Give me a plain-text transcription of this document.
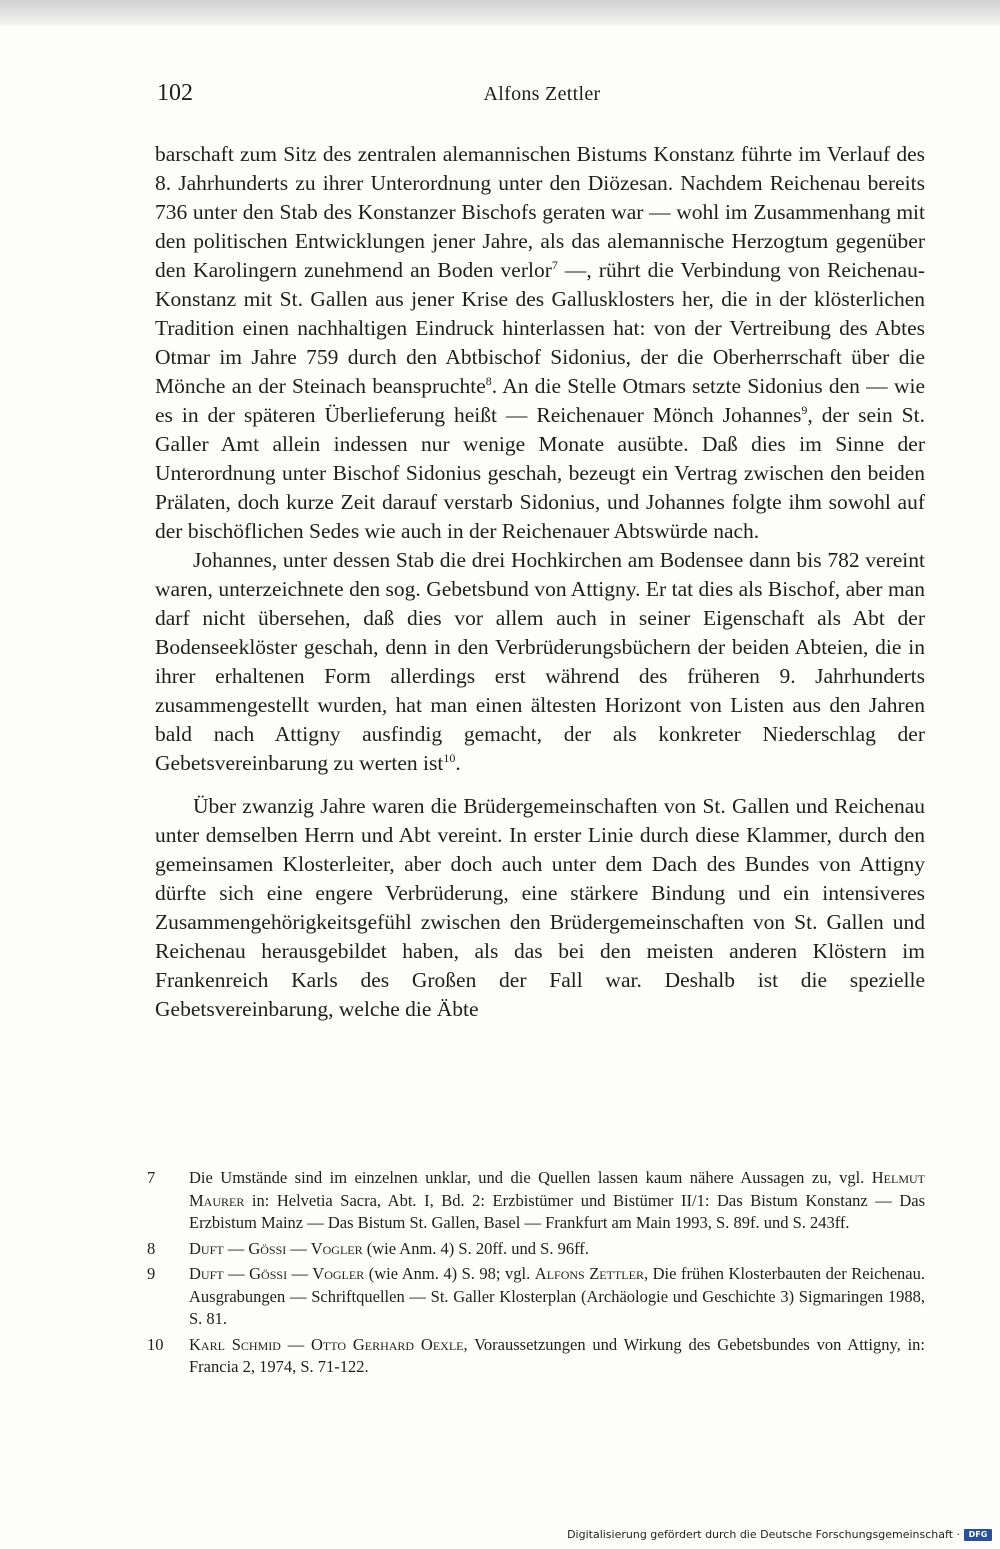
102	Alfons Zettler

barschaft zum Sitz des zentralen alemannischen Bistums Konstanz führte im Verlauf des 8. Jahrhunderts zu ihrer Unterordnung unter den Diözesan. Nachdem Reichenau bereits 736 unter den Stab des Konstanzer Bischofs geraten war — wohl im Zusammenhang mit den politischen Entwicklungen jener Jahre, als das alemannische Herzogtum gegenüber den Karolingern zunehmend an Boden verlor$^7$ —, rührt die Verbindung von Reichenau-Konstanz mit St. Gallen aus jener Krise des Gallusklosters her, die in der klösterlichen Tradition einen nachhaltigen Eindruck hinterlassen hat: von der Vertreibung des Abtes Otmar im Jahre 759 durch den Abtbischof Sidonius, der die Oberherrschaft über die Mönche an der Steinach beanspruchte$^8$. An die Stelle Otmars setzte Sidonius den — wie es in der späteren Überlieferung heißt — Reichenauer Mönch Johannes$^9$, der sein St. Galler Amt allein indessen nur wenige Monate ausübte. Daß dies im Sinne der Unterordnung unter Bischof Sidonius geschah, bezeugt ein Vertrag zwischen den beiden Prälaten, doch kurze Zeit darauf verstarb Sidonius, und Johannes folgte ihm sowohl auf der bischöflichen Sedes wie auch in der Reichenauer Abtswürde nach.

Johannes, unter dessen Stab die drei Hochkirchen am Bodensee dann bis 782 vereint waren, unterzeichnete den sog. Gebetsbund von Attigny. Er tat dies als Bischof, aber man darf nicht übersehen, daß dies vor allem auch in seiner Eigenschaft als Abt der Bodenseeklöster geschah, denn in den Verbrüderungsbüchern der beiden Abteien, die in ihrer erhaltenen Form allerdings erst während des früheren 9. Jahrhunderts zusammengestellt wurden, hat man einen ältesten Horizont von Listen aus den Jahren bald nach Attigny ausfindig gemacht, der als konkreter Niederschlag der Gebetsvereinbarung zu werten ist$^{10}$.

Über zwanzig Jahre waren die Brüdergemeinschaften von St. Gallen und Reichenau unter demselben Herrn und Abt vereint. In erster Linie durch diese Klammer, durch den gemeinsamen Klosterleiter, aber doch auch unter dem Dach des Bundes von Attigny dürfte sich eine engere Verbrüderung, eine stärkere Bindung und ein intensiveres Zusammengehörigkeitsgefühl zwischen den Brüdergemeinschaften von St. Gallen und Reichenau herausgebildet haben, als das bei den meisten anderen Klöstern im Frankenreich Karls des Großen der Fall war. Deshalb ist die spezielle Gebetsvereinbarung, welche die Äbte

7	Die Umstände sind im einzelnen unklar, und die Quellen lassen kaum nähere Aussagen zu, vgl. Helmut Maurer in: Helvetia Sacra, Abt. I, Bd. 2: Erzbistümer und Bistümer II/1: Das Bistum Konstanz — Das Erzbistum Mainz — Das Bistum St. Gallen, Basel — Frankfurt am Main 1993, S. 89f. und S. 243ff.
8	Duft — Gössi — Vogler (wie Anm. 4) S. 20ff. und S. 96ff.
9	Duft — Gössi — Vogler (wie Anm. 4) S. 98; vgl. Alfons Zettler, Die frühen Klosterbauten der Reichenau. Ausgrabungen — Schriftquellen — St. Galler Klosterplan (Archäologie und Geschichte 3) Sigmaringen 1988, S. 81.
10	Karl Schmid — Otto Gerhard Oexle, Voraussetzungen und Wirkung des Gebetsbundes von Attigny, in: Francia 2, 1974, S. 71-122.
Digitalisierung gefördert durch die Deutsche Forschungsgemeinschaft ·	DFG
